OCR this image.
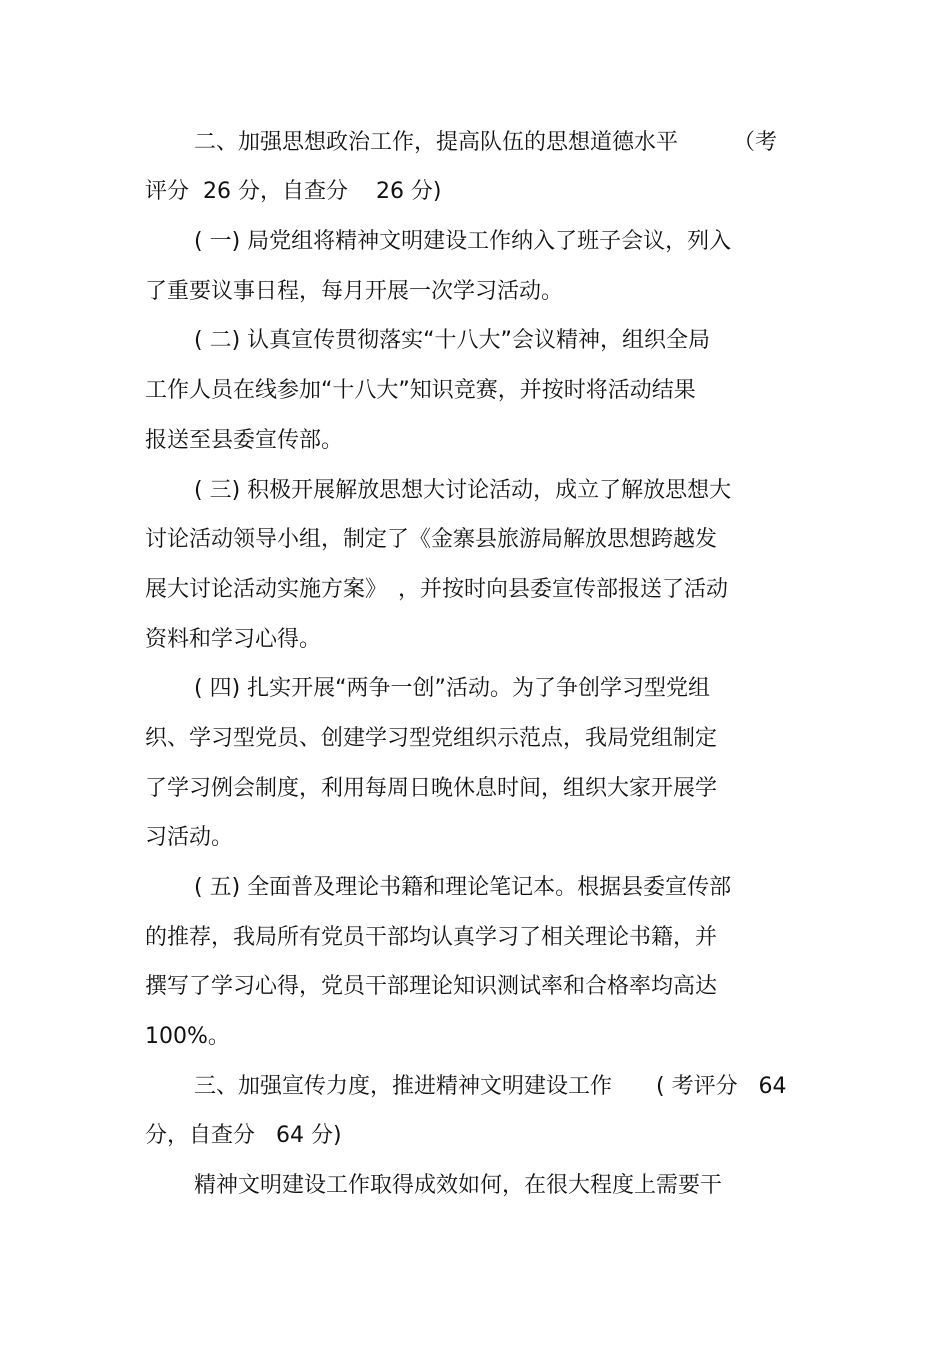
二、加强思想政治工作，提高队伍的思想道德水平　　　（考
评分  26 分，自查分    26 分)
( 一) 局党组将精神文明建设工作纳入了班子会议，列入
了重要议事日程，每月开展一次学习活动。
( 二) 认真宣传贯彻落实“十八大”会议精神，组织全局
工作人员在线参加“十八大”知识竞赛，并按时将活动结果
报送至县委宣传部。
( 三) 积极开展解放思想大讨论活动，成立了解放思想大
讨论活动领导小组，制定了《金寨县旅游局解放思想跨越发
展大讨论活动实施方案》　，并按时向县委宣传部报送了活动
资料和学习心得。
( 四) 扎实开展“两争一创”活动。为了争创学习型党组
织、学习型党员、创建学习型党组织示范点，我局党组制定
了学习例会制度，利用每周日晚休息时间，组织大家开展学
习活动。
( 五) 全面普及理论书籍和理论笔记本。根据县委宣传部
的推荐，我局所有党员干部均认真学习了相关理论书籍，并
撰写了学习心得，党员干部理论知识测试率和合格率均高达
100%。
三、加强宣传力度，推进精神文明建设工作　　( 考评分   64
分，自查分   64 分)
精神文明建设工作取得成效如何，在很大程度上需要干
